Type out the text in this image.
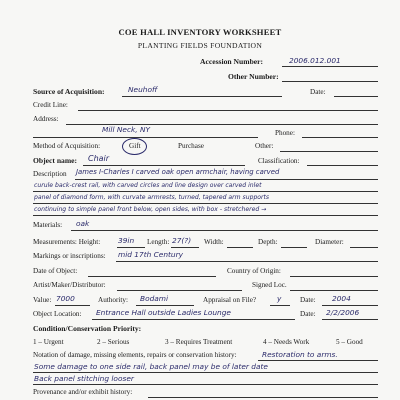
COE HALL INVENTORY WORKSHEET
PLANTING FIELDS FOUNDATION
Accession Number:	2006.012.001
Other Number:
Source of Acquisition:	Neuhoff	Date:
Credit Line:
Address:
Mill Neck, NY	Phone:
Method of Acquisition:	Gift	Purchase	Other:
Object name: Chair	Classification:
Description James I-Charles I carved oak open armchair, having carved
curule back-crest rail, with carved circles and line design over carved inlet
panel of diamond form, with curvate armrests, turned, tapered arm supports
continuing to simple panel front below, open sides, with box - stretchered →
Materials: oak
Measurements: Height: 39in Length: 27(?) Width:	Depth:	Diameter:
Markings or inscriptions: mid 17th Century
Date of Object:	Country of Origin:
Artist/Maker/Distributor:	Signed Loc.
Value: 7000	Authority: Bodami	Appraisal on File?	y	Date: 2004
Object Location: Entrance Hall outside Ladies Lounge	Date: 2/2/2006
Condition/Conservation Priority:
1 – Urgent	2 – Serious	3 – Requires Treatment	4 – Needs Work	5 – Good
Notation of damage, missing elements, repairs or conservation history:	Restoration to arms.
Some damage to one side rail, back panel may be of later date
Back panel stitching looser
Provenance and/or exhibit history:
